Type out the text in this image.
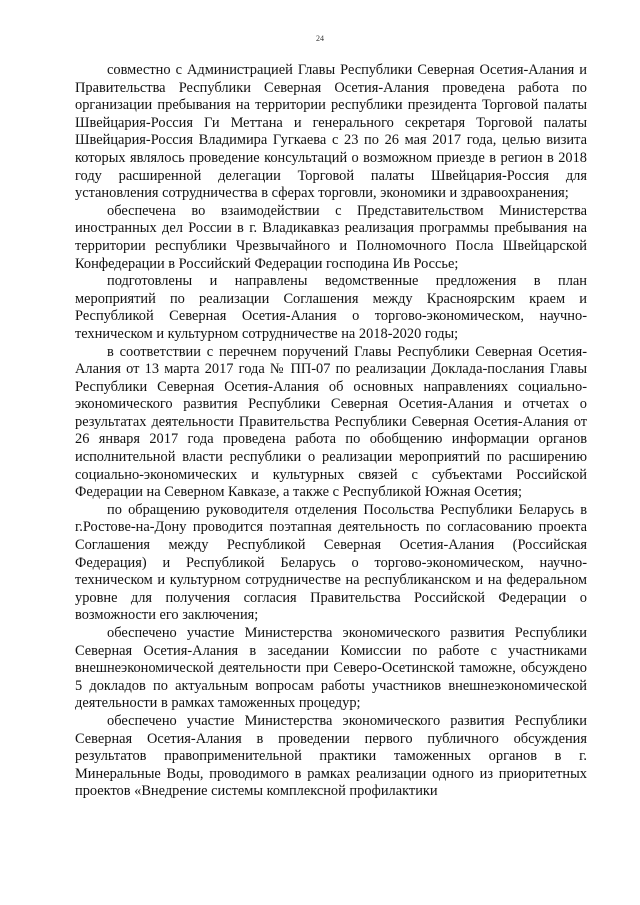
24

совместно с Администрацией Главы Республики Северная Осетия-Алания и Правительства Республики Северная Осетия-Алания проведена работа по организации пребывания на территории республики президента Торговой палаты Швейцария-Россия Ги Меттана и генерального секретаря Торговой палаты Швейцария-Россия Владимира Гугкаева с 23 по 26 мая 2017 года, целью визита которых являлось проведение консультаций о возможном приезде в регион в 2018 году расширенной делегации Торговой палаты Швейцария-Россия для установления сотрудничества в сферах торговли, экономики и здравоохранения;

обеспечена во взаимодействии с Представительством Министерства иностранных дел России в г. Владикавказ реализация программы пребывания на территории республики Чрезвычайного и Полномочного Посла Швейцарской Конфедерации в Российский Федерации господина Ив Россье;

подготовлены и направлены ведомственные предложения в план мероприятий по реализации Соглашения между Красноярским краем и Республикой Северная Осетия-Алания о торгово-экономическом, научно-техническом и культурном сотрудничестве на 2018-2020 годы;

в соответствии с перечнем поручений Главы Республики Северная Осетия-Алания от 13 марта 2017 года № ПП-07 по реализации Доклада-послания Главы Республики Северная Осетия-Алания об основных направлениях социально-экономического развития Республики Северная Осетия-Алания и отчетах о результатах деятельности Правительства Республики Северная Осетия-Алания от 26 января 2017 года проведена работа по обобщению информации органов исполнительной власти республики о реализации мероприятий по расширению социально-экономических и культурных связей с субъектами Российской Федерации на Северном Кавказе, а также с Республикой Южная Осетия;

по обращению руководителя отделения Посольства Республики Беларусь в г.Ростове-на-Дону проводится поэтапная деятельность по согласованию проекта Соглашения между Республикой Северная Осетия-Алания (Российская Федерация) и Республикой Беларусь о торгово-экономическом, научно-техническом и культурном сотрудничестве на республиканском и на федеральном уровне для получения согласия Правительства Российской Федерации о возможности его заключения;

обеспечено участие Министерства экономического развития Республики Северная Осетия-Алания в заседании Комиссии по работе с участниками внешнеэкономической деятельности при Северо-Осетинской таможне, обсуждено 5 докладов по актуальным вопросам работы участников внешнеэкономической деятельности в рамках таможенных процедур;

обеспечено участие Министерства экономического развития Республики Северная Осетия-Алания в проведении первого публичного обсуждения результатов правоприменительной практики таможенных органов в г. Минеральные Воды, проводимого в рамках реализации одного из приоритетных проектов «Внедрение системы комплексной профилактики
